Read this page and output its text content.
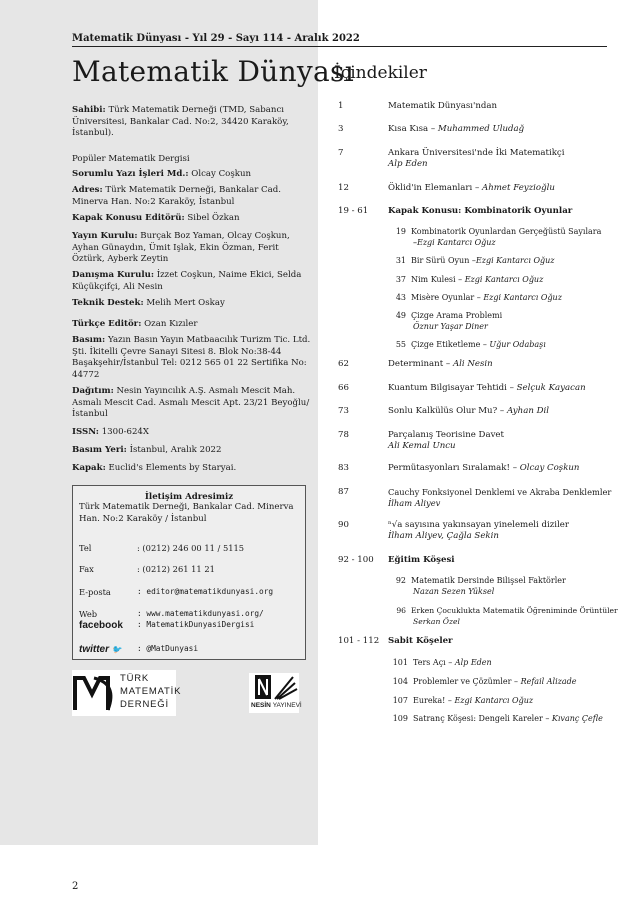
Matematik Dünyası - Yıl 29 - Sayı 114 - Aralık 2022
Matematik Dünyası
Sahibi: Türk Matematik Derneği (TMD, Sabancı Üniversitesi, Bankalar Cad. No:2, 34420 Karaköy, İstanbul).
Popüler Matematik Dergisi
Sorumlu Yazı İşleri Md.: Olcay Coşkun
Adres: Türk Matematik Derneği, Bankalar Cad. Minerva Han. No:2 Karaköy, İstanbul
Kapak Konusu Editörü: Sibel Özkan
Yayın Kurulu: Burçak Boz Yaman, Olcay Coşkun, Ayhan Günaydın, Ümit Işlak, Ekin Özman, Ferit Öztürk, Ayberk Zeytin
Danışma Kurulu: İzzet Coşkun, Naime Ekici, Selda Küçükçifçi, Ali Nesin
Teknik Destek: Melih Mert Oskay
Türkçe Editör: Ozan Kızıler
Basım: Yazın Basın Yayın Matbaacılık Turizm Tic. Ltd. Şti. İkitelli Çevre Sanayi Sitesi 8. Blok No:38-44 Başakşehir/İstanbul Tel: 0212 565 01 22 Sertifika No: 44772
Dağıtım: Nesin Yayıncılık A.Ş. Asmalı Mescit Mah. Asmalı Mescit Cad. Asmalı Mescit Apt. 23/21 Beyoğlu/İstanbul
ISSN: 1300-624X
Basım Yeri: İstanbul, Aralık 2022
Kapak: Euclid's Elements by Staryai.
İletişim Adresimiz
Türk Matematik Derneği, Bankalar Cad. Minerva Han. No:2 Karaköy / İstanbul
Tel	: (0212) 246 00 11 / 5115
Fax	: (0212) 261 11 21
E-posta	: editor@matematikdunyasi.org
Web	: www.matematikdunyasi.org/
facebook : MatematikDunyasiDergisi
twitter 🐦 : @MatDunyasi
TÜRK
MATEMATİK
DERNEĞİ	NESİN YAYINEVİ
İçindekiler
1	Matematik Dünyası'ndan
3	Kısa Kısa – Muhammed Uludağ
7	Ankara Üniversitesi'nde İki Matematikçi
Alp Eden
12	Öklid'in Elemanları – Ahmet Feyzioğlu
19 - 61 Kapak Konusu: Kombinatorik Oyunlar
19 Kombinatorik Oyunlardan Gerçeğüstü Sayılara
–Ezgi Kantarcı Oğuz
31 Bir Sürü Oyun –Ezgi Kantarcı Oğuz
37 Nim Kulesi – Ezgi Kantarcı Oğuz
43 Misère Oyunlar – Ezgi Kantarcı Oğuz
49 Çizge Arama Problemi
Öznur Yaşar Diner
55 Çizge Etiketleme – Uğur Odabaşı
62	Determinant – Ali Nesin
66	Kuantum Bilgisayar Tehtidi – Selçuk Kayacan
73	Sonlu Kalkülüs Olur Mu? – Ayhan Dil
78	Parçalanış Teorisine Davet
Ali Kemal Uncu
83	Permütasyonları Sıralamak! – Olcay Coşkun
87	Cauchy Fonksiyonel Denklemi ve Akraba Denklemler
İlham Aliyev
90	ⁿ√a sayısına yakınsayan yinelemeli diziler
İlham Aliyev, Çağla Sekin
92 - 100 Eğitim Köşesi
92 Matematik Dersinde Bilişsel Faktörler
Nazan Sezen Yüksel
96 Erken Çocuklukta Matematik Öğreniminde Örüntüler
Serkan Özel
101 - 112 Sabit Köşeler
101 Ters Açı – Alp Eden
104 Problemler ve Çözümler – Refail Alizade
107 Eureka! – Ezgi Kantarcı Oğuz
109 Satranç Köşesi: Dengeli Kareler – Kıvanç Çefle
2
